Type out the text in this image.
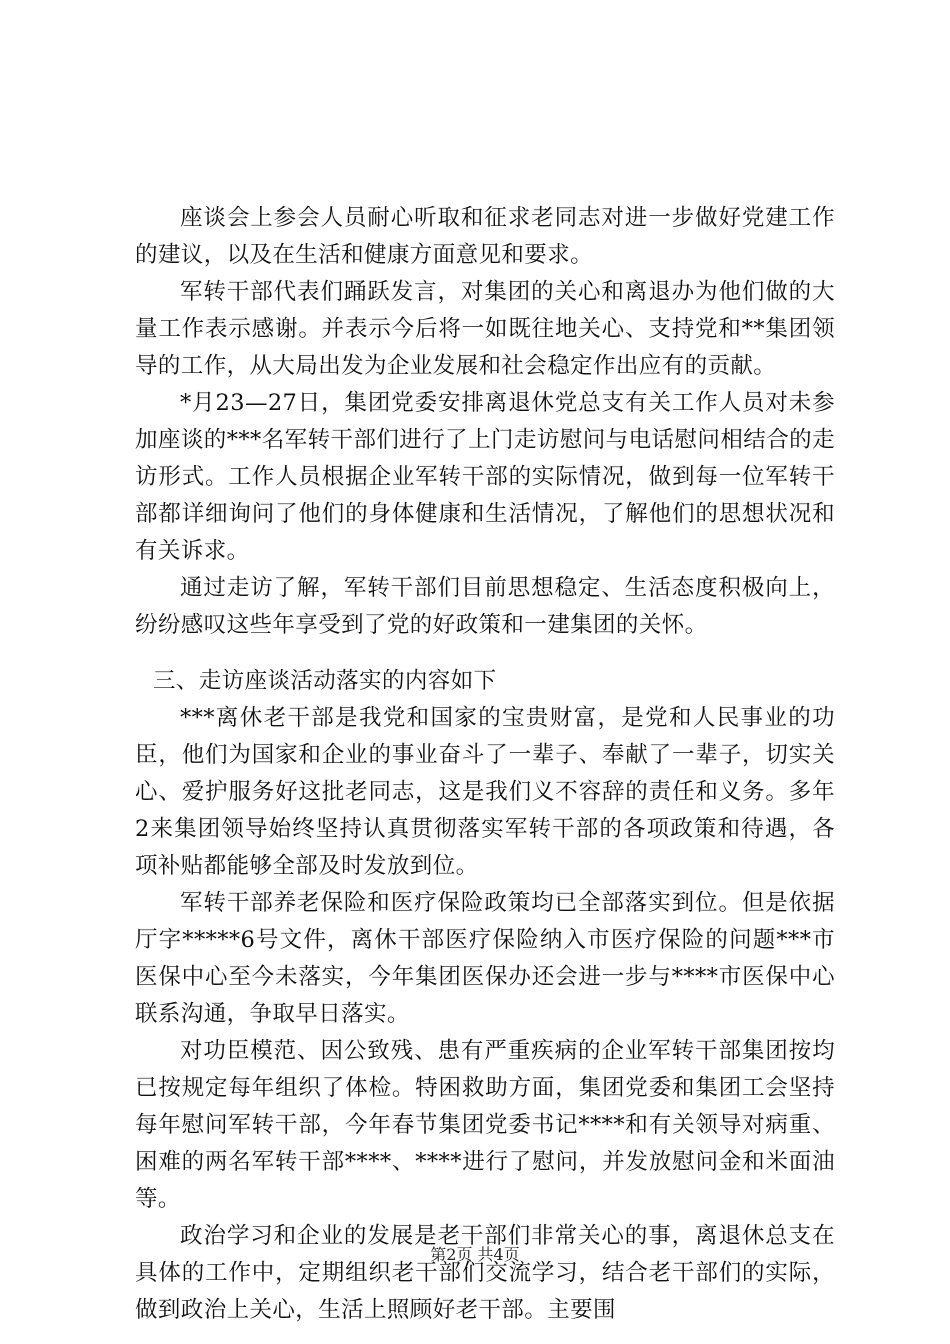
座谈会上参会人员耐心听取和征求老同志对进一步做好党建工作的建议，以及在生活和健康方面意见和要求。

军转干部代表们踊跃发言，对集团的关心和离退办为他们做的大量工作表示感谢。并表示今后将一如既往地关心、支持党和**集团领导的工作，从大局出发为企业发展和社会稳定作出应有的贡献。

*月23—27日，集团党委安排离退休党总支有关工作人员对未参加座谈的***名军转干部们进行了上门走访慰问与电话慰问相结合的走访形式。工作人员根据企业军转干部的实际情况，做到每一位军转干部都详细询问了他们的身体健康和生活情况，了解他们的思想状况和有关诉求。

通过走访了解，军转干部们目前思想稳定、生活态度积极向上，纷纷感叹这些年享受到了党的好政策和一建集团的关怀。

三、走访座谈活动落实的内容如下

***离休老干部是我党和国家的宝贵财富，是党和人民事业的功臣，他们为国家和企业的事业奋斗了一辈子、奉献了一辈子，切实关心、爱护服务好这批老同志，这是我们义不容辞的责任和义务。多年2来集团领导始终坚持认真贯彻落实军转干部的各项政策和待遇，各项补贴都能够全部及时发放到位。

军转干部养老保险和医疗保险政策均已全部落实到位。但是依据厅字*****6号文件，离休干部医疗保险纳入市医疗保险的问题***市医保中心至今未落实，今年集团医保办还会进一步与****市医保中心联系沟通，争取早日落实。

对功臣模范、因公致残、患有严重疾病的企业军转干部集团按均已按规定每年组织了体检。特困救助方面，集团党委和集团工会坚持每年慰问军转干部，今年春节集团党委书记****和有关领导对病重、困难的两名军转干部****、****进行了慰问，并发放慰问金和米面油等。

政治学习和企业的发展是老干部们非常关心的事，离退休总支在具体的工作中，定期组织老干部们交流学习，结合老干部们的实际，做到政治上关心，生活上照顾好老干部。主要围

第2页 共4页
